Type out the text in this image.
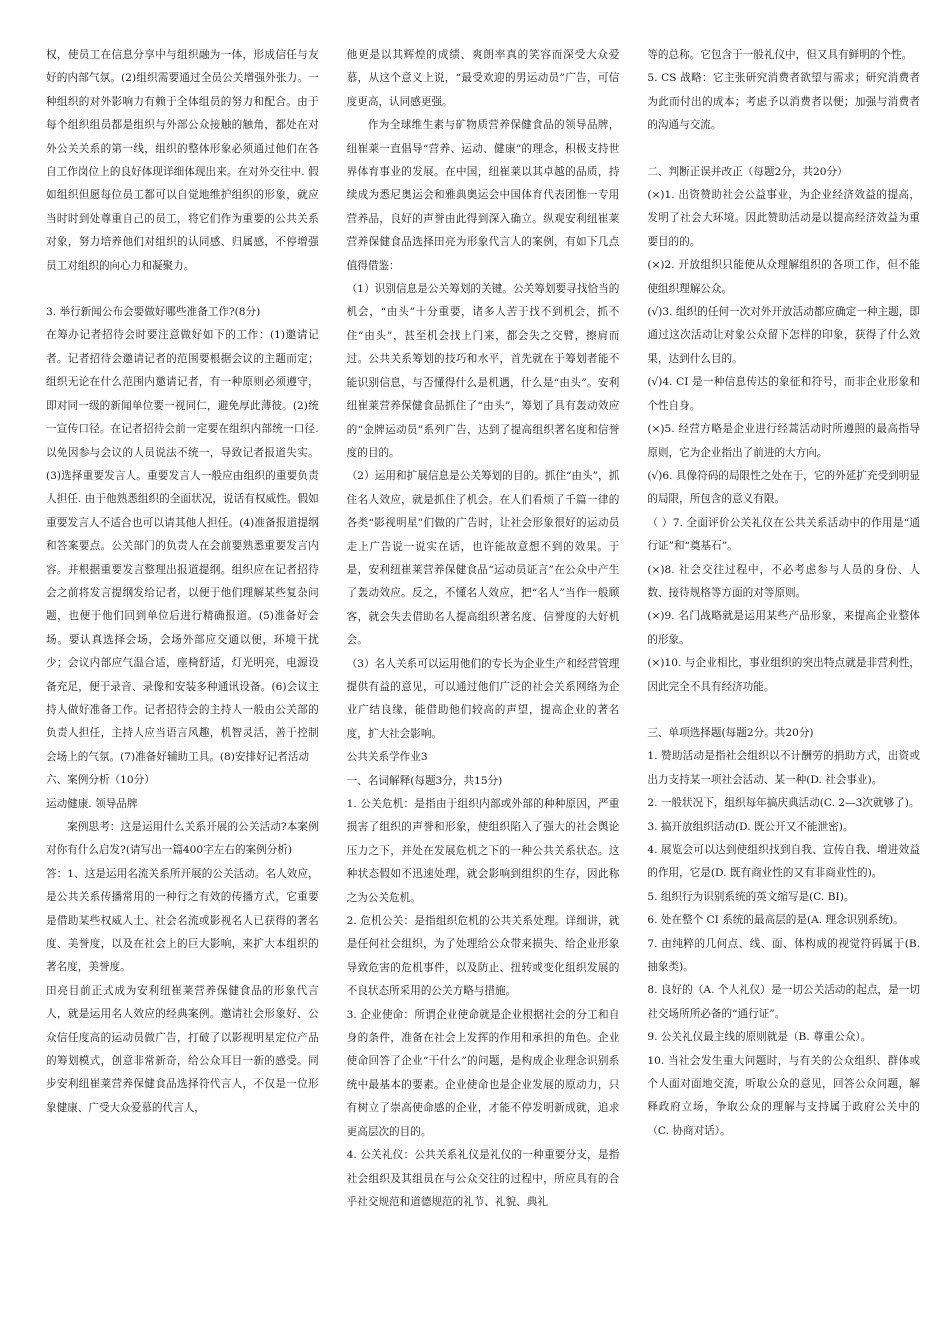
权，使员工在信息分享中与组织融为一体，形成信任与友好的内部气氛。(2)组织需要通过全员公关增强外张力。一种组织的对外影响力有赖于全体组员的努力和配合。由于每个组织组员都是组织与外部公众接触的触角，都处在对外公关关系的第一线，组织的整体形象必须通过他们在各自工作岗位上的良好体现详细体现出来。在对外交往中. 假如组织但愿每位员工都可以自觉地维护组织的形象，就应当时时到处尊重自己的员工，将它们作为重要的公共关系对象，努力培养他们对组织的认同感、归属感，不停增强员工对组织的向心力和凝聚力。

3. 举行新闻公布会要做好哪些准备工作?(8分)

在筹办记者招待会时要注意做好如下的工作：(1)邀请记者。记者招待会邀请记者的范围要根据会议的主题而定；组织无论在什么范围内邀请记者，有一种原则必须遵守，即对同一级的新闻单位要一视同仁，避免厚此薄彼。(2)统一宣传口径。在记者招待会前一定要在组织内部统一口径. 以免因参与会议的人员说法不统一，导致记者报道失实。(3)选择重要发言人。重要发言人一般应由组织的重要负责人担任. 由于他熟悉组织的全面状况，说话有权威性。假如重要发言人不适合也可以请其他人担任。(4)准备报道提纲和答案要点。公关部门的负责人在会前要熟悉重要发言内容。并根据重要发言整理出报道提纲。组织应在记者招待会之前将发言提纲发给记者，以便于他们理解某些复杂问题，也便于他们回到单位后进行精确报道。(5)准备好会场。要认真选择会场，会场外部应交通以便，环境干扰少；会议内部应气温合适，座椅舒适，灯光明亮，电源设备充足，便于录音、录像和安装多种通讯设备。(6)会议主持人做好准备工作。记者招待会的主持人一般由公关部的负责人担任，主持人应当语言风趣，机智灵活，善于控制会场上的气氛。(7)准备好辅助工具。(8)安排好记者活动

六、案例分析（10分）

运动健康. 领导品牌

案例思考：这是运用什么关系开展的公关活动?本案例对你有什么启发?(请写出一篇400字左右的案例分析)

答：1、这是运用名流关系所开展的公关活动。名人效应，是公共关系传播常用的一种行之有效的传播方式，它重要是借助某些权威人士、社会名流或影视名人已获得的著名度、美誉度，以及在社会上的巨大影响，来扩大本组织的著名度，美誉度。

田亮目前正式成为安利纽崔莱营养保健食品的形象代言人，就是运用名人效应的经典案例。邀请社会形象好、公众信任度高的运动员做广告，打破了以影视明星定位产品的筹划模式，创意非常新奇，给公众耳目一新的感受。同步安利纽崔莱营养保健食品选择符代言人，不仅是一位形象健康、广受大众爱慕的代言人，

他更是以其辉煌的成绩、爽朗率真的笑容而深受大众爱慕，从这个意义上说，“最受欢迎的男运动员”广告，可信度更高，认同感更强。

作为全球维生素与矿物质营养保健食品的领导品牌，纽崔莱一直倡导“营养、运动、健康”的理念，积极支持世界体育事业的发展。在中国，纽崔莱以其卓越的品质，持续成为悉尼奥运会和雅典奥运会中国体育代表团惟一专用营养品，良好的声誉由此得到深入确立。纵观安利纽崔莱营养保健食品选择田亮为形象代言人的案例，有如下几点值得借鉴：

（1）识别信息是公关筹划的关键。公关筹划要寻找恰当的机会，“由头”十分重要，诸多人苦于找不到机会，抓不住“由头”，甚至机会找上门来，都会失之交臂，擦肩而过。公共关系筹划的技巧和水平，首先就在于筹划者能不能识别信息，与否懂得什么是机遇，什么是“由头”。安利纽崔莱营养保健食品抓住了“由头”，筹划了具有轰动效应的“金牌运动员”系列广告，达到了提高组织著名度和信誉度的目的。

（2）运用和扩展信息是公关筹划的目的。抓住“由头”，抓住名人效应，就是抓住了机会。在人们看烦了千篇一律的各类“影视明星”们做的广告时，让社会形象很好的运动员走上广告说一说实在话，也许能故意想不到的效果。于是，安利纽崔莱营养保健食品“运动员证言”在公众中产生了轰动效应。反之，不懂名人效应，把“名人”当作一般顾客，就会失去借助名人提高组织著名度、信誉度的大好机会。

（3）名人关系可以运用他们的专长为企业生产和经营管理提供有益的意见，可以通过他们广泛的社会关系网络为企业广结良缘，能借助他们较高的声望，提高企业的著名度，扩大社会影响。

公共关系学作业3

一、名词解释(每题3分，共15分)

1. 公关危机：是指由于组织内部或外部的种种原因，严重损害了组织的声誉和形象，使组织陷入了强大的社会舆论压力之下，并处在发展危机之下的一种公共关系状态。这种状态假如不迅速处理，就会影响到组织的生存，因此称之为公关危机。

2. 危机公关：是指组织危机的公共关系处理。详细讲，就是任何社会组织，为了处理给公众带来损失、给企业形象导致危害的危机事件，以及防止、扭转或变化组织发展的不良状态所采用的公关方略与措施。

3. 企业使命：所谓企业使命就是企业根据社会的分工和自身的条件，准备在社会上发挥的作用和承担的角色。企业使命回答了企业“干什么”的问题，是构成企业理念识别系统中最基本的要素。企业使命也是企业发展的原动力，只有树立了崇高使命感的企业，才能不停发明新成就，追求更高层次的目的。

4. 公关礼仪：公共关系礼仪是礼仪的一种重要分支，是指社会组织及其组员在与公众交往的过程中，所应具有的合乎社交规范和道德规范的礼节、礼貌、典礼

等的总称。它包含于一般礼仪中，但又具有鲜明的个性。

5. CS 战略：它主张研究消费者欲望与需求；研究消费者为此而付出的成本；考虑予以消费者以便；加强与消费者的沟通与交流。

二、判断正误并改正（每题2分，共20分）

(×)1. 出资赞助社会公益事业，为企业经济效益的提高，发明了社会大环境。因此赞助活动是以提高经济效益为重要目的的。

(×)2. 开放组织只能使从众理解组织的各项工作，但不能使组织理解公众。

(√)3. 组织的任何一次对外开放活动都应确定一种主题，即通过这次活动让对象公众留下怎样的印象，获得了什么效果，达到什么目的。

(√)4. CI 是一种信息传达的象征和符号，而非企业形象和个性自身。

(×)5. 经营方略是企业进行经蒿活动时所遵照的最高指导原则，它为企业指出了前进的大方向。

(√)6. 具像符码的局限性之处在于，它的外延扩充受到明显的局限，所包含的意义有限。

（ ）7. 全面评价公关礼仪在公共关系活动中的作用是“通行证”和“奠基石”。

(×)8. 社会交往过程中，不必考虑参与人员的身份、人数、接待规格等方面的对等原则。

(×)9. 名门战略就是运用某些产品形象，来提高企业整体的形象。

(×)10. 与企业相比，事业组织的突出特点就是非营利性，因此完全不具有经济功能。

三、单项选择题(每题2分。共20分)

1. 赞助活动是指社会组织以不计酬劳的捐助方式，出资或出力支持某一项社会活动、某一种(D. 社会事业)。

2. 一般状况下，组织每年搞庆典活动(C. 2—3次就够了)。

3. 搞开放组织活动(D. 既公开又不能泄密)。

4. 展览会可以达到使组织找到自我、宣传自我、增进效益的作用，它是(D. 既有商业性的又有非商业性的)。

5. 组织行为识别系统的英文缩写是(C. BI)。

6. 处在整个 CI 系统的最高层的是(A. 理念识别系统)。

7. 由纯粹的几何点、线、面、体构成的视觉符码属于(B. 抽象类)。

8. 良好的（A. 个人礼仪）是一切公关活动的起点，是一切社交场所所必备的“通行证”。

9. 公关礼仪最主线的原则就是（B. 尊重公众）。

10. 当社会发生重大问题时，与有关的公众组织、群体或个人面对面地交流，听取公众的意见，回答公众问题，解释政府立场，争取公众的理解与支持属于政府公关中的（C. 协商对话）。
